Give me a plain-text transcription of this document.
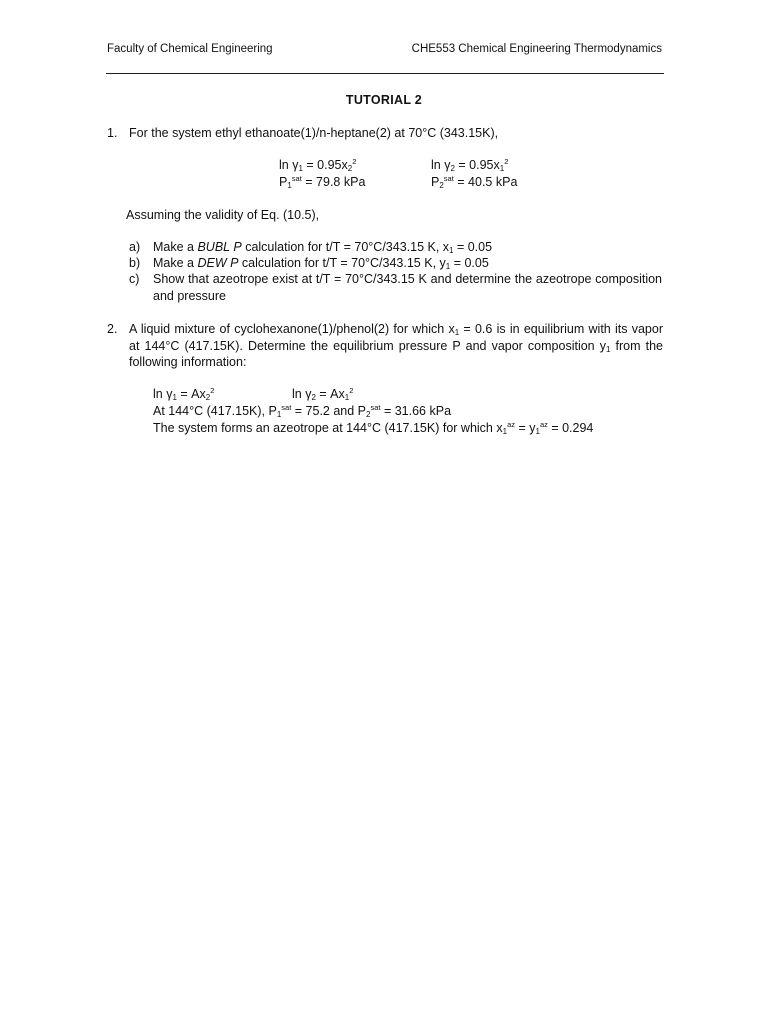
Faculty of Chemical Engineering	CHE553 Chemical Engineering Thermodynamics
TUTORIAL 2
1. For the system ethyl ethanoate(1)/n-heptane(2) at 70°C (343.15K),
$\ln \gamma_1 = 0.95x_2^2$	$\ln \gamma_2 = 0.95x_1^2$
$P_1^{sat} = 79.8$ kPa	$P_2^{sat} = 40.5$ kPa
Assuming the validity of Eq. (10.5),
a) Make a BUBL P calculation for t/T = 70°C/343.15 K, $x_1 = 0.05$
b) Make a DEW P calculation for t/T = 70°C/343.15 K, $y_1 = 0.05$
c) Show that azeotrope exist at t/T = 70°C/343.15 K and determine the azeotrope composition and pressure
2. A liquid mixture of cyclohexanone(1)/phenol(2) for which $x_1 = 0.6$ is in equilibrium with its vapor at 144°C (417.15K). Determine the equilibrium pressure P and vapor composition $y_1$ from the following information:
$\ln \gamma_1 = Ax_2^2$	$\ln \gamma_2 = Ax_1^2$
At 144°C (417.15K), $P_1^{sat} = 75.2$ and $P_2^{sat} = 31.66$ kPa
The system forms an azeotrope at 144°C (417.15K) for which $x_1^{az} = y_1^{az} = 0.294$
